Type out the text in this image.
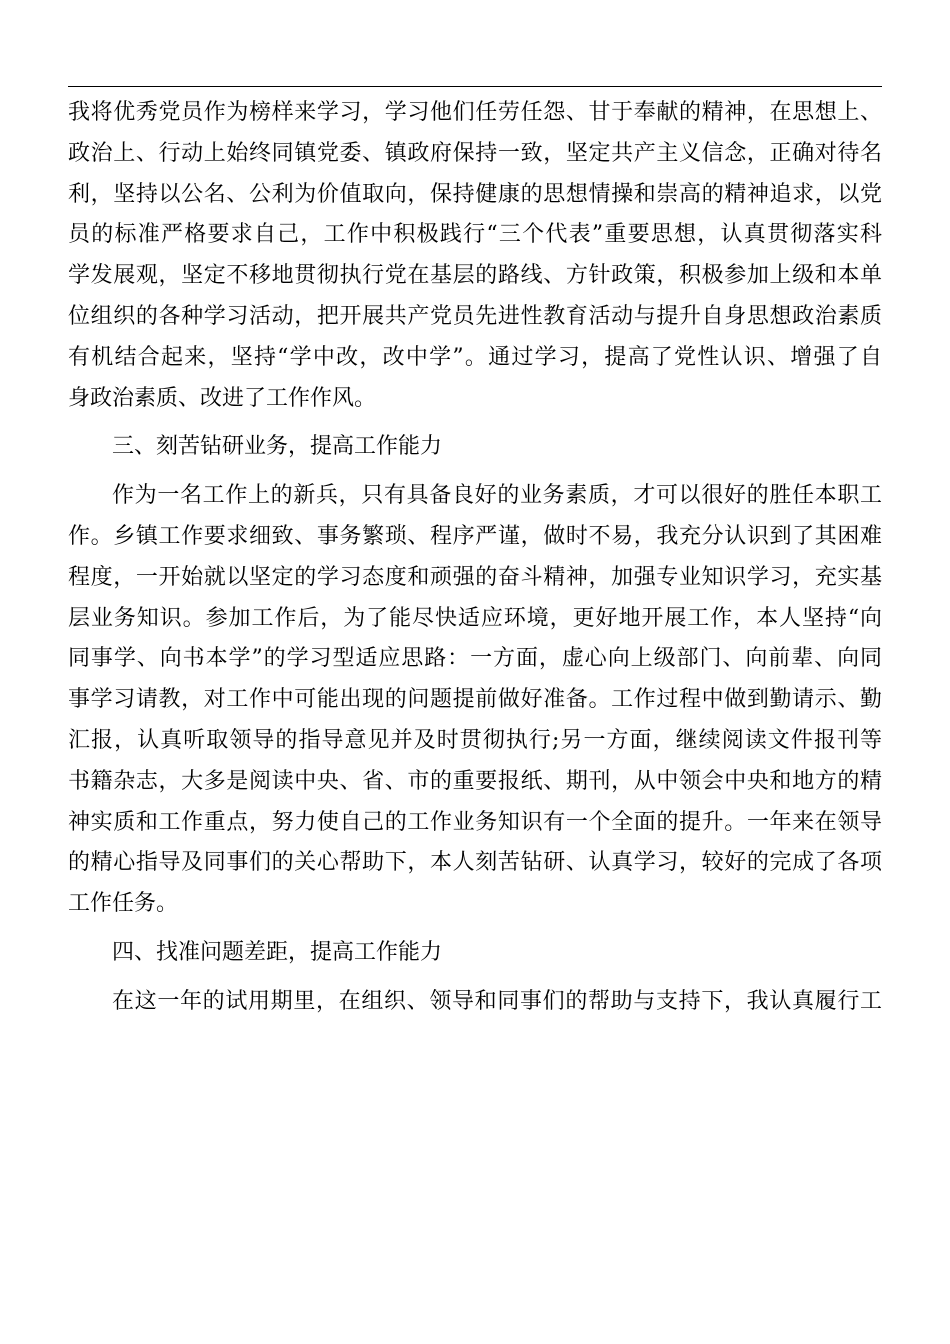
我将优秀党员作为榜样来学习，学习他们任劳任怨、甘于奉献的精神，在思想上、
政治上、行动上始终同镇党委、镇政府保持一致，坚定共产主义信念，正确对待名
利，坚持以公名、公利为价值取向，保持健康的思想情操和崇高的精神追求，以党
员的标准严格要求自己，工作中积极践行“三个代表”重要思想，认真贯彻落实科
学发展观，坚定不移地贯彻执行党在基层的路线、方针政策，积极参加上级和本单
位组织的各种学习活动，把开展共产党员先进性教育活动与提升自身思想政治素质
有机结合起来，坚持“学中改，改中学”。通过学习，提高了党性认识、增强了自
身政治素质、改进了工作作风。
三、刻苦钻研业务，提高工作能力
作为一名工作上的新兵，只有具备良好的业务素质，才可以很好的胜任本职工
作。乡镇工作要求细致、事务繁琐、程序严谨，做时不易，我充分认识到了其困难
程度，一开始就以坚定的学习态度和顽强的奋斗精神，加强专业知识学习，充实基
层业务知识。参加工作后，为了能尽快适应环境，更好地开展工作，本人坚持“向
同事学、向书本学”的学习型适应思路：一方面，虚心向上级部门、向前辈、向同
事学习请教，对工作中可能出现的问题提前做好准备。工作过程中做到勤请示、勤
汇报，认真听取领导的指导意见并及时贯彻执行;另一方面，继续阅读文件报刊等
书籍杂志，大多是阅读中央、省、市的重要报纸、期刊，从中领会中央和地方的精
神实质和工作重点，努力使自己的工作业务知识有一个全面的提升。一年来在领导
的精心指导及同事们的关心帮助下，本人刻苦钻研、认真学习，较好的完成了各项
工作任务。
四、找准问题差距，提高工作能力
在这一年的试用期里，在组织、领导和同事们的帮助与支持下，我认真履行工
